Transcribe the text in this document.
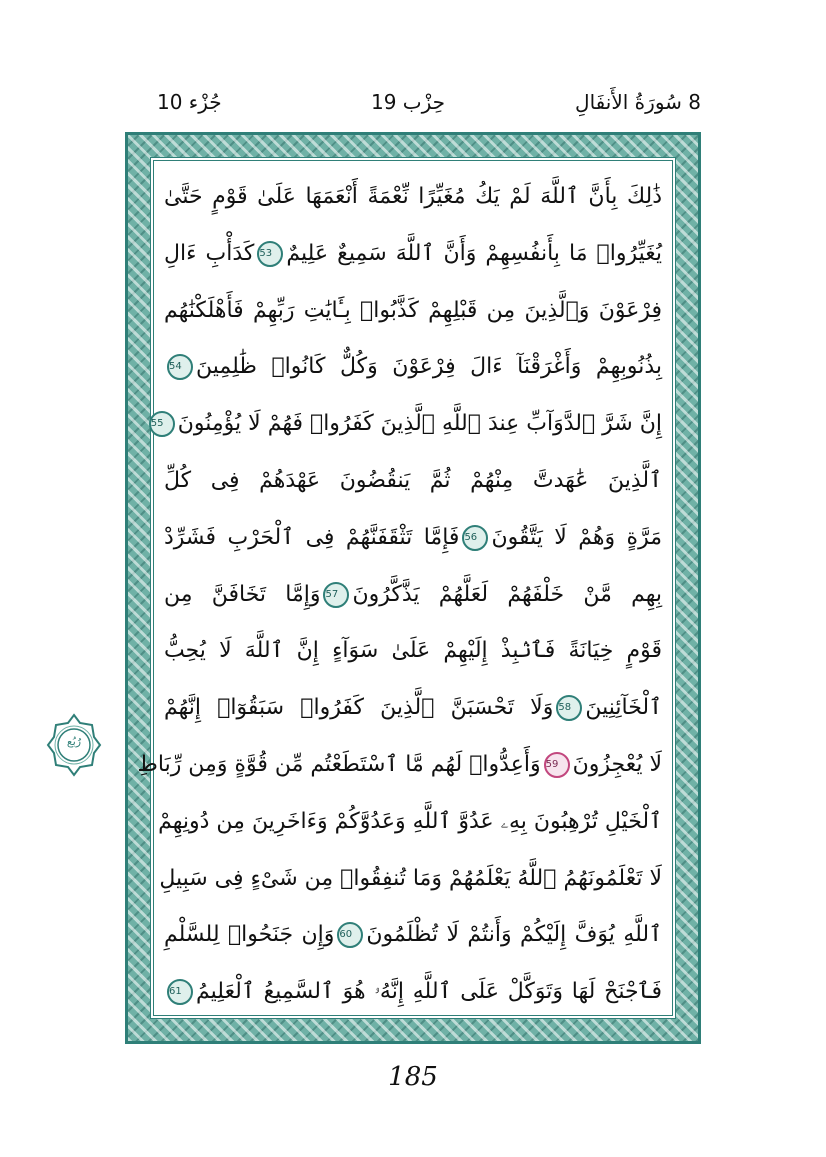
جُزْء 10	حِزْب 19	8 سُورَةُ الأَنفَالِ
ذَٰلِكَ بِأَنَّ ٱللَّهَ لَمْ يَكُ مُغَيِّرًا نِّعْمَةً أَنْعَمَهَا عَلَىٰ قَوْمٍ حَتَّىٰ
يُغَيِّرُوا۟ مَا بِأَنفُسِهِمْ وَأَنَّ ٱللَّهَ سَمِيعٌ عَلِيمٌ53كَدَأْبِ ءَالِ
فِرْعَوْنَ وَٱلَّذِينَ مِن قَبْلِهِمْ كَذَّبُوا۟ بِـَٔايَٰتِ رَبِّهِمْ فَأَهْلَكْنَٰهُم
بِذُنُوبِهِمْ وَأَغْرَقْنَآ ءَالَ فِرْعَوْنَ وَكُلٌّ كَانُوا۟ ظَٰلِمِينَ54
إِنَّ شَرَّ ٱلدَّوَآبِّ عِندَ ٱللَّهِ ٱلَّذِينَ كَفَرُوا۟ فَهُمْ لَا يُؤْمِنُونَ55
ٱلَّذِينَ عَٰهَدتَّ مِنْهُمْ ثُمَّ يَنقُضُونَ عَهْدَهُمْ فِى كُلِّ
مَرَّةٍ وَهُمْ لَا يَتَّقُونَ56فَإِمَّا تَثْقَفَنَّهُمْ فِى ٱلْحَرْبِ فَشَرِّدْ
بِهِم مَّنْ خَلْفَهُمْ لَعَلَّهُمْ يَذَّكَّرُونَ57وَإِمَّا تَخَافَنَّ مِن
قَوْمٍ خِيَانَةً فَٱنۢبِذْ إِلَيْهِمْ عَلَىٰ سَوَآءٍ إِنَّ ٱللَّهَ لَا يُحِبُّ
ٱلْخَآئِنِينَ58وَلَا تَحْسَبَنَّ ٱلَّذِينَ كَفَرُوا۟ سَبَقُوٓا۟ إِنَّهُمْ
لَا يُعْجِزُونَ59وَأَعِدُّوا۟ لَهُم مَّا ٱسْتَطَعْتُم مِّن قُوَّةٍ وَمِن رِّبَاطِ
ٱلْخَيْلِ تُرْهِبُونَ بِهِۦ عَدُوَّ ٱللَّهِ وَعَدُوَّكُمْ وَءَاخَرِينَ مِن دُونِهِمْ
لَا تَعْلَمُونَهُمُ ٱللَّهُ يَعْلَمُهُمْ وَمَا تُنفِقُوا۟ مِن شَىْءٍ فِى سَبِيلِ
ٱللَّهِ يُوَفَّ إِلَيْكُمْ وَأَنتُمْ لَا تُظْلَمُونَ60وَإِن جَنَحُوا۟ لِلسَّلْمِ
فَٱجْنَحْ لَهَا وَتَوَكَّلْ عَلَى ٱللَّهِ إِنَّهُۥ هُوَ ٱلسَّمِيعُ ٱلْعَلِيمُ61
رُبُع
185
